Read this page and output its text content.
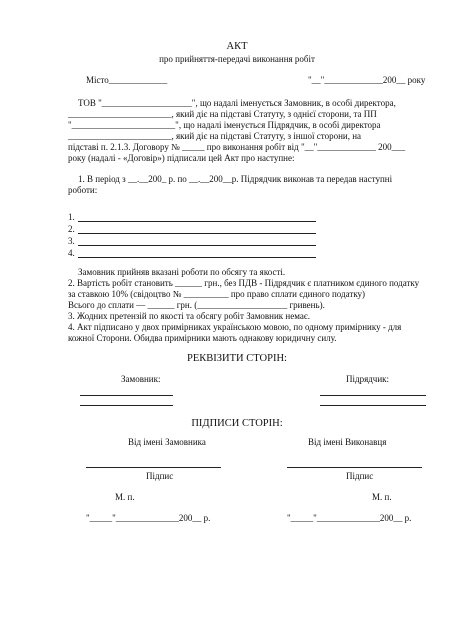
АКТ
про прийняття-передачі виконання робіт
Місто_____________	"__"_____________200__ року
ТОВ "____________________", що надалі іменується Замовник, в особі директора,
_______________________, який діє на підставі Статуту, з однієї сторони, та ПП
"_______________________", що надалі іменується Підрядчик, в особі директора
_______________________, який діє на підставі Статуту, з іншої сторони, на
підставі п. 2.1.3. Договору № _____ про виконання робіт від "__"_____________ 200___
року (надалі - «Договір») підписали цей Акт про наступне:
1. В період з __.__200_ р. по __.__200__р. Підрядчик виконав та передав наступні
роботи:
1.
2.
3.
4.
Замовник прийняв вказані роботи по обсягу та якості.
2. Вартість робіт становить ______ грн., без ПДВ - Підрядчик є платником єдиного податку
за ставкою 10% (свідоцтво № __________ про право сплати єдиного податку)
Всього до сплати — ______ грн. (____________________ гривень).
3. Жодних претензій по якості та обсягу робіт Замовник немає.
4. Акт підписано у двох примірниках українською мовою, по одному примірнику - для
кожної Сторони. Обидва примірники мають однакову юридичну силу.
РЕКВІЗИТИ СТОРІН:
Замовник:	Підрядчик:
ПІДПИСИ СТОРІН:
Від імені Замовника	Від імені Виконавця
Підпис	Підпис
М. п.	М. п.
"_____"______________200__ р.	"_____"______________200__ р.
